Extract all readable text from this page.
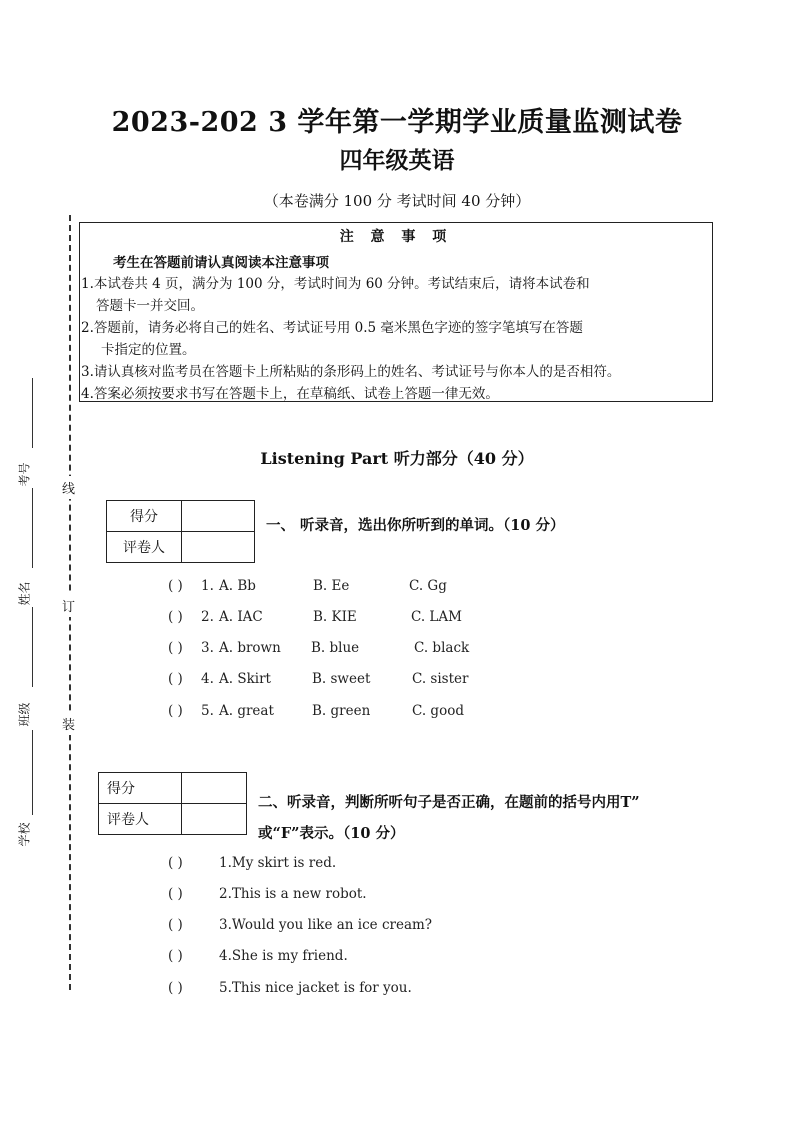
2023-202 3 学年第一学期学业质量监测试卷
四年级英语
（本卷满分 100 分 考试时间 40 分钟）
线
订
装
考号
姓名
班级
学校
注 意 事 项
考生在答题前请认真阅读本注意事项
1.本试卷共 4 页，满分为 100 分，考试时间为 60 分钟。考试结束后，请将本试卷和
答题卡一并交回。
2.答题前，请务必将自己的姓名、考试证号用 0.5 毫米黑色字迹的签字笔填写在答题
卡指定的位置。
3.请认真核对监考员在答题卡上所粘贴的条形码上的姓名、考试证号与你本人的是否相符。
4.答案必须按要求书写在答题卡上，在草稿纸、试卷上答题一律无效。
Listening Part 听力部分（40 分）
得分	
评卷人	
一、 听录音，选出你所听到的单词。（10 分）
( ) 1. A. Bb	B. Ee	C. Gg
( ) 2. A. IAC	B. KIE	C. LAM
( ) 3. A. brown B. blue	C. black
( ) 4. A. Skirt	B. sweet	C. sister
( ) 5. A. great	B. green	C. good
得分	
评卷人	
二、听录音，判断所听句子是否正确，在题前的括号内用T”
或“F”表示。（10 分）
( )	1.My skirt is red.
( )	2.This is a new robot.
( )	3.Would you like an ice cream?
( )	4.She is my friend.
( )	5.This nice jacket is for you.
